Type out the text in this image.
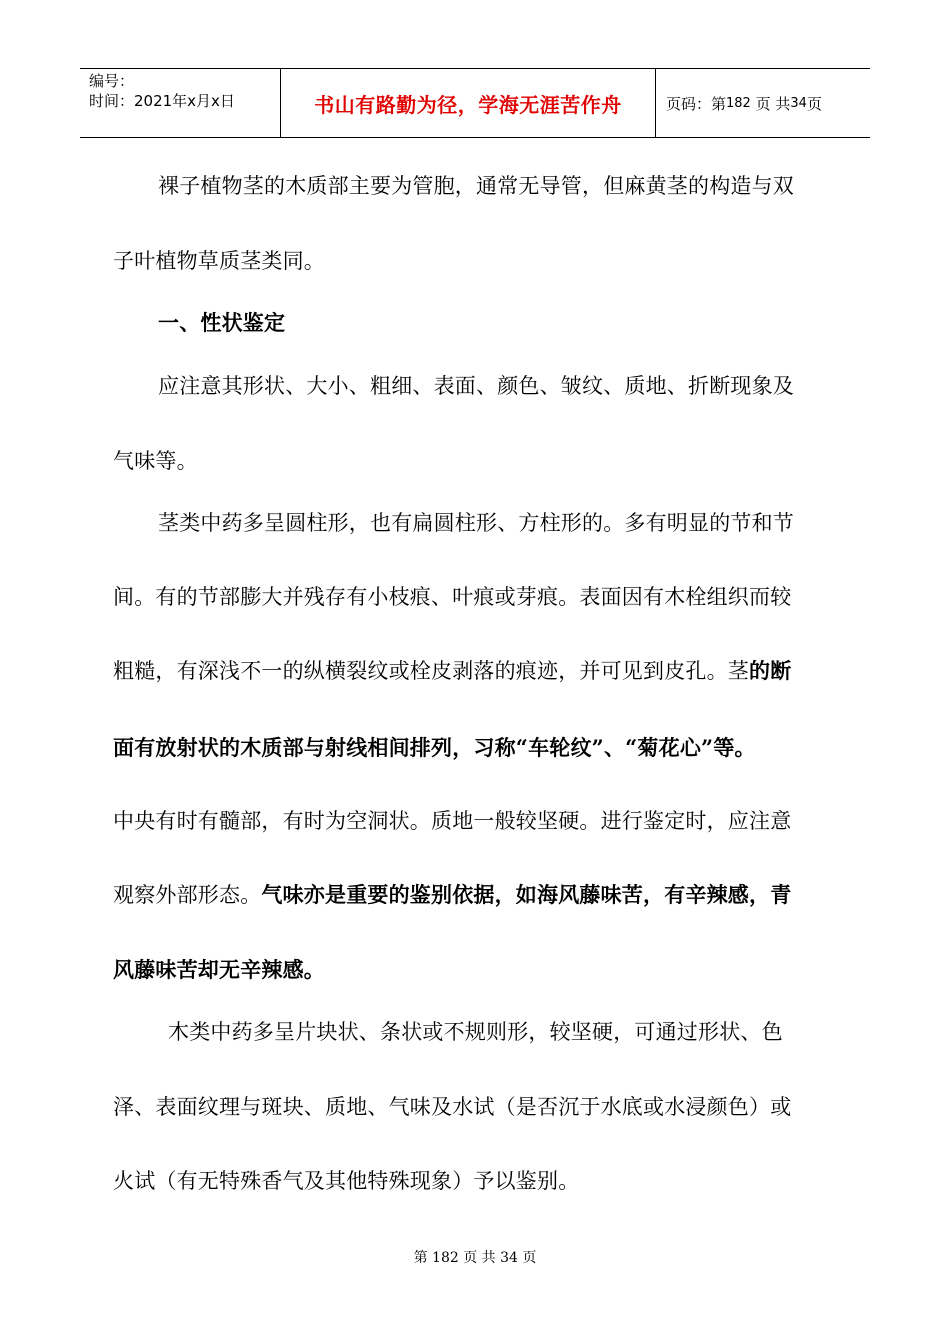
编号：
时间：2021年x月x日	书山有路勤为径，学海无涯苦作舟	页码：第 182
页 共 34 页
裸子植物茎的木质部主要为管胞，通常无导管，但麻黄茎的构造与双
子叶植物草质茎类同。
一、性状鉴定
应注意其形状、大小、粗细、表面、颜色、皱纹、质地、折断现象及
气味等。
茎类中药多呈圆柱形，也有扁圆柱形、方柱形的。多有明显的节和节
间。有的节部膨大并残存有小枝痕、叶痕或芽痕。表面因有木栓组织而较
粗糙，有深浅不一的纵横裂纹或栓皮剥落的痕迹，并可见到皮孔。茎的断
面有放射状的木质部与射线相间排列，习称“车轮纹”、“菊花心”等。
中央有时有髓部，有时为空洞状。质地一般较坚硬。进行鉴定时，应注意
观察外部形态。气味亦是重要的鉴别依据，如海风藤味苦，有辛辣感，青
风藤味苦却无辛辣感。
木类中药多呈片块状、条状或不规则形，较坚硬，可通过形状、色
泽、表面纹理与斑块、质地、气味及水试（是否沉于水底或水浸颜色）或
火试（有无特殊香气及其他特殊现象）予以鉴别。
第 182 页 共 34 页
